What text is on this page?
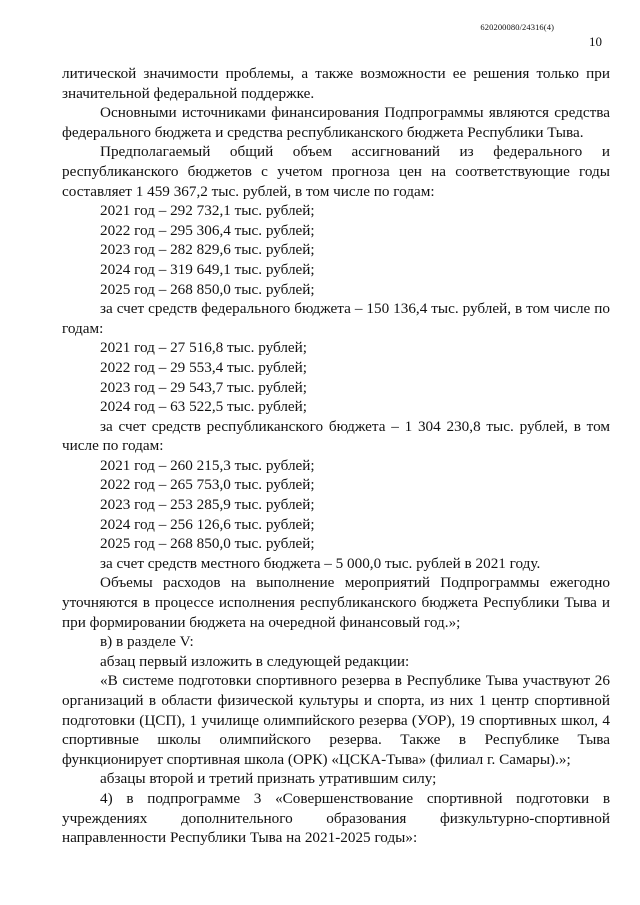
620200080/24316(4)
10

литической значимости проблемы, а также возможности ее решения только при значительной федеральной поддержке.

Основными источниками финансирования Подпрограммы являются средства федерального бюджета и средства республиканского бюджета Республики Тыва.

Предполагаемый общий объем ассигнований из федерального и республиканского бюджетов с учетом прогноза цен на соответствующие годы составляет 1 459 367,2 тыс. рублей, в том числе по годам:

2021 год – 292 732,1 тыс. рублей;

2022 год – 295 306,4 тыс. рублей;

2023 год – 282 829,6 тыс. рублей;

2024 год – 319 649,1 тыс. рублей;

2025 год – 268 850,0 тыс. рублей;

за счет средств федерального бюджета – 150 136,4 тыс. рублей, в том числе по годам:

2021 год – 27 516,8 тыс. рублей;

2022 год – 29 553,4 тыс. рублей;

2023 год – 29 543,7 тыс. рублей;

2024 год – 63 522,5 тыс. рублей;

за счет средств республиканского бюджета – 1 304 230,8 тыс. рублей, в том числе по годам:

2021 год – 260 215,3 тыс. рублей;

2022 год – 265 753,0 тыс. рублей;

2023 год – 253 285,9 тыс. рублей;

2024 год – 256 126,6 тыс. рублей;

2025 год – 268 850,0 тыс. рублей;

за счет средств местного бюджета – 5 000,0 тыс. рублей в 2021 году.

Объемы расходов на выполнение мероприятий Подпрограммы ежегодно уточняются в процессе исполнения республиканского бюджета Республики Тыва и при формировании бюджета на очередной финансовый год.»;

в) в разделе V:

абзац первый изложить в следующей редакции:

«В системе подготовки спортивного резерва в Республике Тыва участвуют 26 организаций в области физической культуры и спорта, из них 1 центр спортивной подготовки (ЦСП), 1 училище олимпийского резерва (УОР), 19 спортивных школ, 4 спортивные школы олимпийского резерва. Также в Республике Тыва функционирует спортивная школа (ОРК) «ЦСКА-Тыва» (филиал г. Самары).»;

абзацы второй и третий признать утратившим силу;

4) в подпрограмме 3 «Совершенствование спортивной подготовки в учреждениях дополнительного образования физкультурно-спортивной направленности Республики Тыва на 2021-2025 годы»:
